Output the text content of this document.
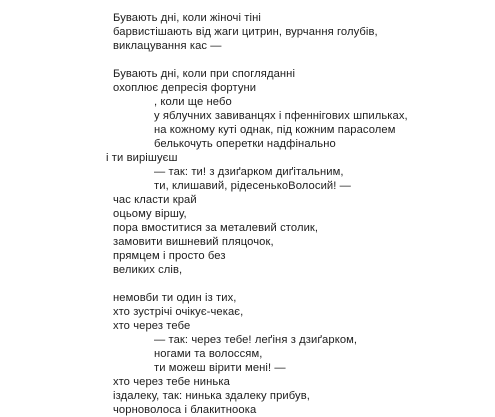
Бувають дні, коли жіночі тіні
барвистішають від жаги цитрин, вурчання голубів,
виклацування кас —
Бувають дні, коли при спогляданні
охоплює депресія фортуни
, коли ще небо
у яблучних завиванцях і пфеннігових шпильках,
на кожному куті однак, під кожним парасолем
белькочуть оперетки надфінально
і ти вирішуєш
— так: ти! з дзиґарком диґітальним,
ти, клишавий, рідесенькоВолосий! —
час класти край
оцьому віршу,
пора вмоститися за металевий столик,
замовити вишневий пляцочок,
прямцем і просто без
великих слів,
немовби ти один із тих,
хто зустрічі очікує-чекає,
хто через тебе
— так: через тебе! леґіня з дзиґарком,
ногами та волоссям,
ти можеш вірити мені! —
хто через тебе нинька
іздалеку, так: нинька здалеку прибув,
чорноволоса і блакитноока
